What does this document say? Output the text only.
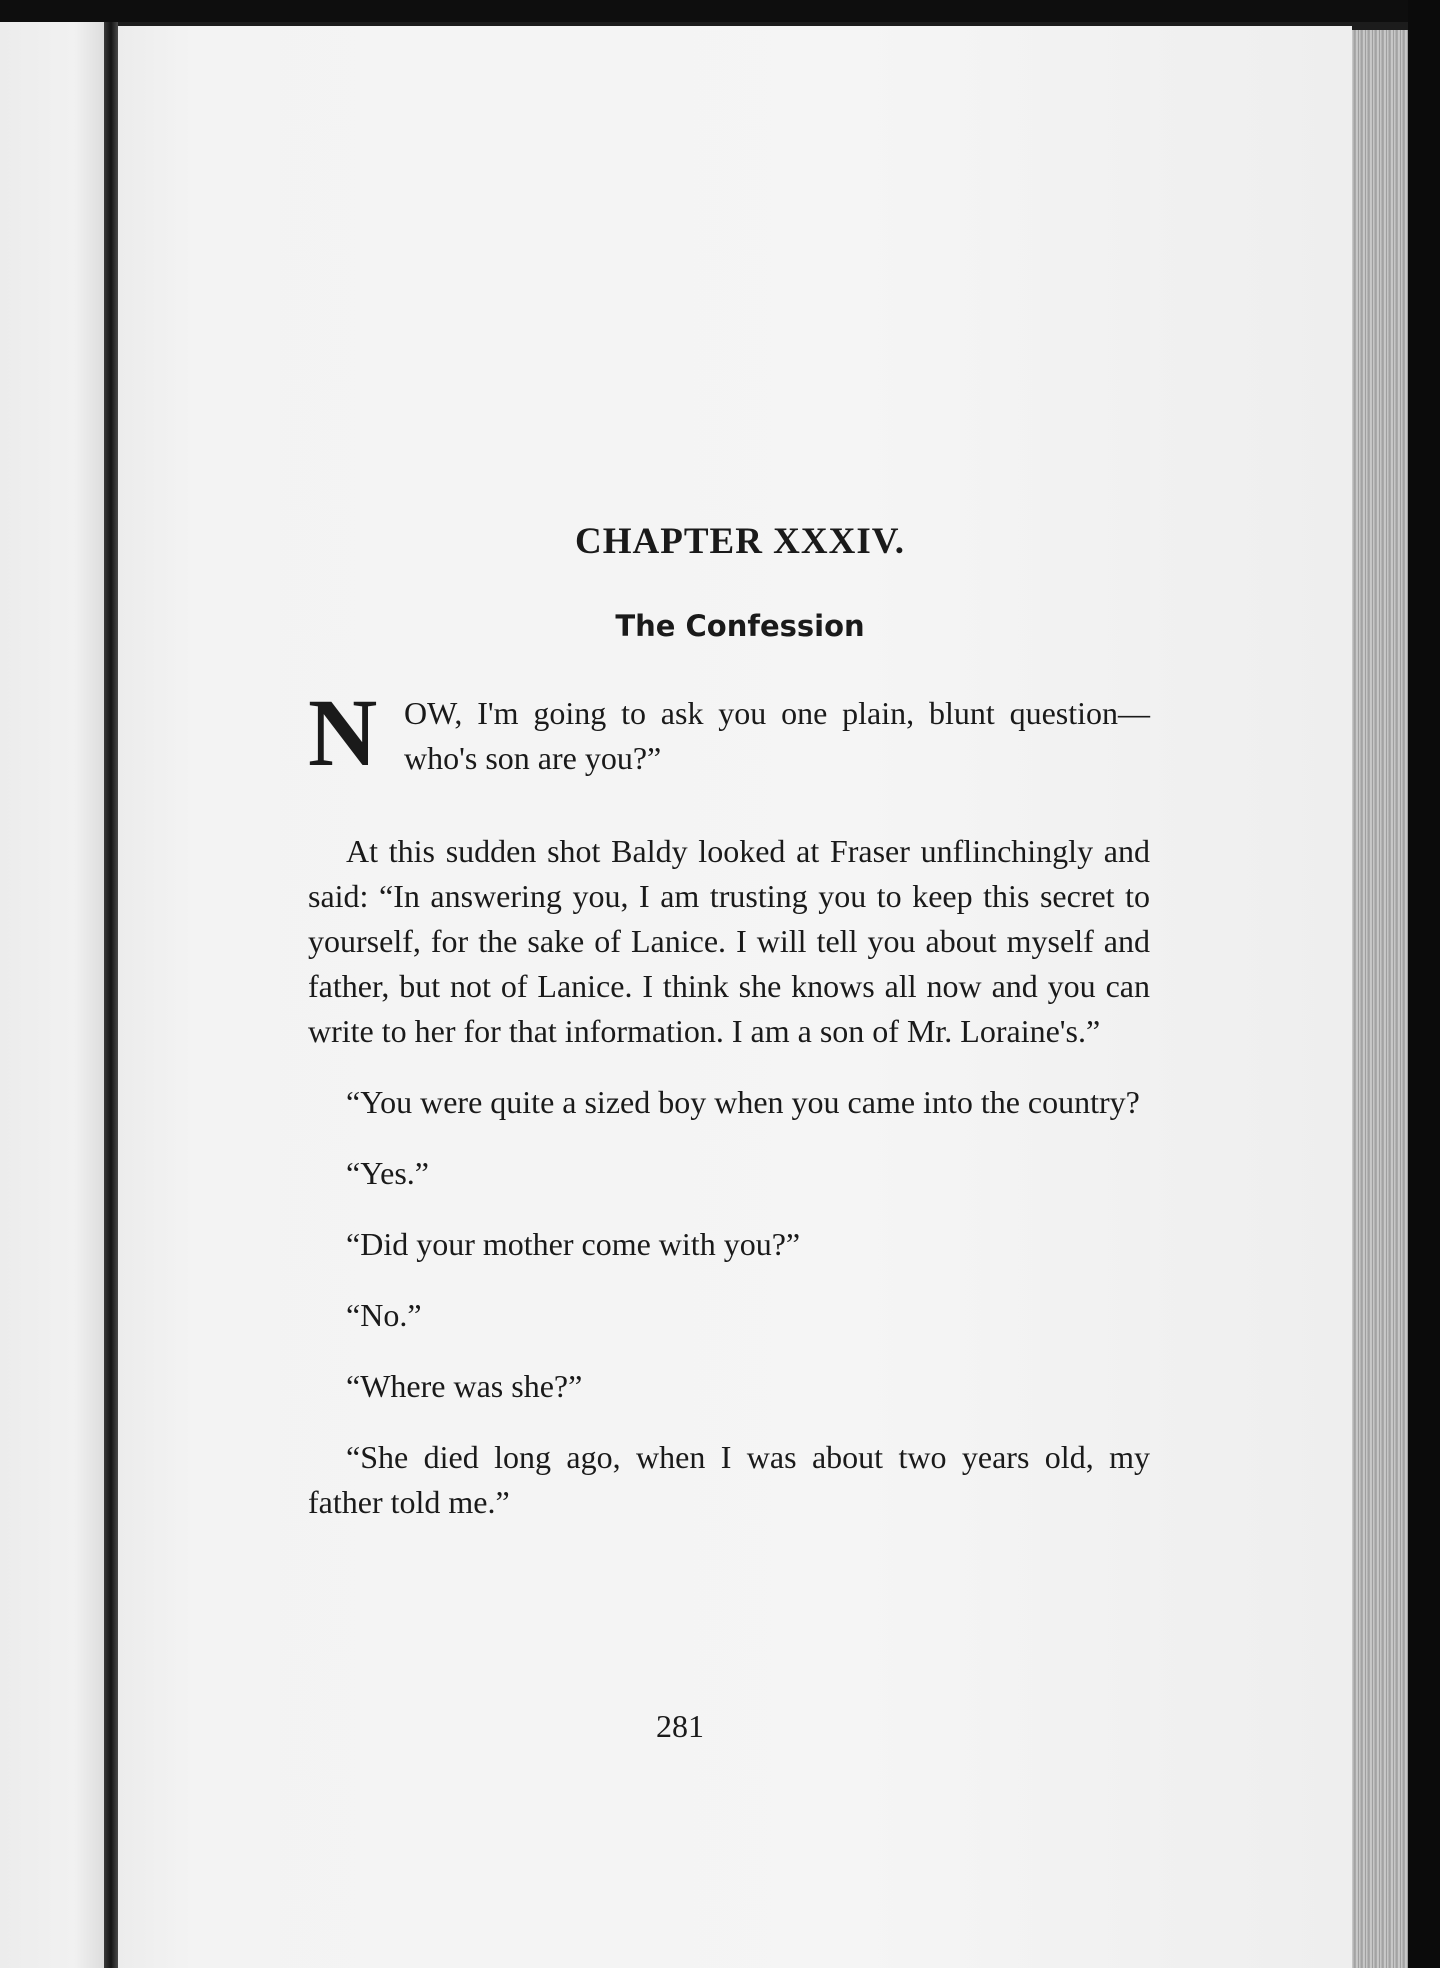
CHAPTER XXXIV.
The Confession

N OW, I'm going to ask you one plain, blunt question—who's son are you?”

At this sudden shot Baldy looked at Fraser unflinchingly and said: “In answering you, I am trusting you to keep this secret to yourself, for the sake of Lanice. I will tell you about myself and father, but not of Lanice. I think she knows all now and you can write to her for that information. I am a son of Mr. Loraine's.”

“You were quite a sized boy when you came into the country?

“Yes.”

“Did your mother come with you?”

“No.”

“Where was she?”

“She died long ago, when I was about two years old, my father told me.”

281
